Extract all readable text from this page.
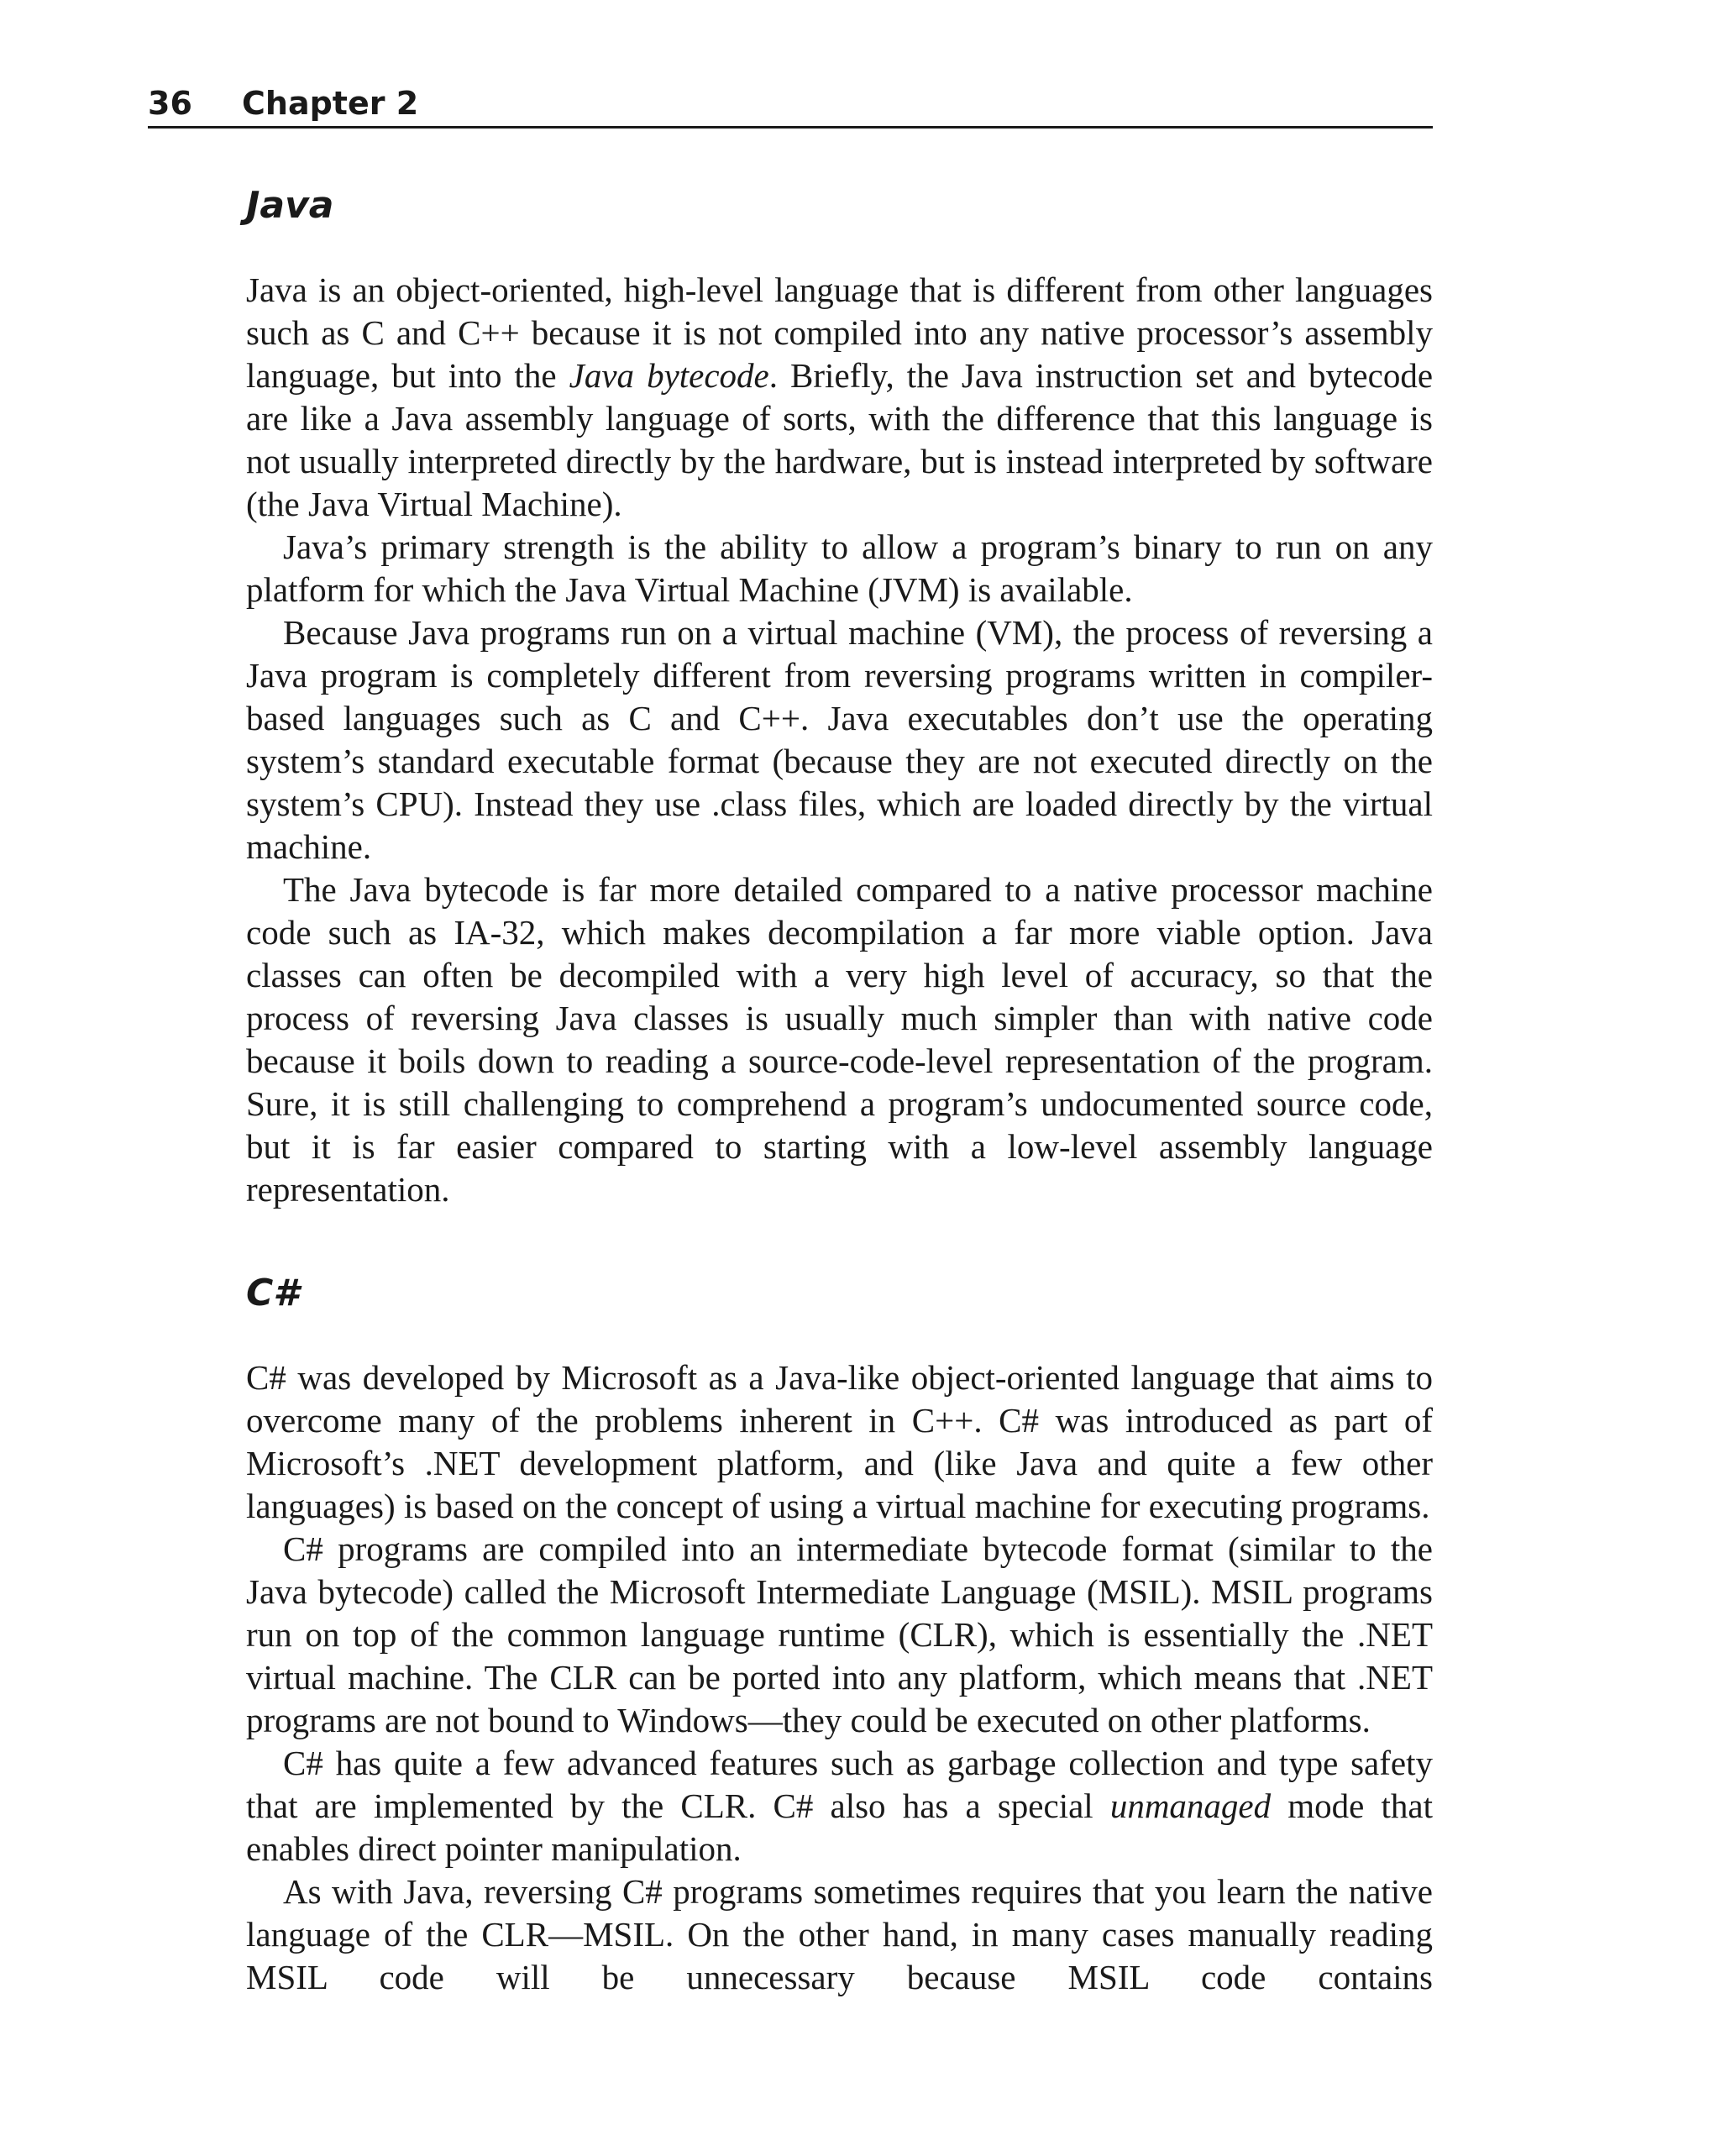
36 Chapter 2
Java

Java is an object-oriented, high-level language that is different from other languages such as C and C++ because it is not compiled into any native processor’s assembly language, but into the Java bytecode. Briefly, the Java instruction set and bytecode are like a Java assembly language of sorts, with the difference that this language is not usually interpreted directly by the hardware, but is instead interpreted by software (the Java Virtual Machine).

Java’s primary strength is the ability to allow a program’s binary to run on any platform for which the Java Virtual Machine (JVM) is available.

Because Java programs run on a virtual machine (VM), the process of reversing a Java program is completely different from reversing programs written in compiler-based languages such as C and C++. Java executables don’t use the operating system’s standard executable format (because they are not executed directly on the system’s CPU). Instead they use .class files, which are loaded directly by the virtual machine.

The Java bytecode is far more detailed compared to a native processor machine code such as IA-32, which makes decompilation a far more viable option. Java classes can often be decompiled with a very high level of accuracy, so that the process of reversing Java classes is usually much simpler than with native code because it boils down to reading a source-code-level representation of the program. Sure, it is still challenging to comprehend a program’s undocumented source code, but it is far easier compared to starting with a low-level assembly language representation.

C#

C# was developed by Microsoft as a Java-like object-oriented language that aims to overcome many of the problems inherent in C++. C# was introduced as part of Microsoft’s .NET development platform, and (like Java and quite a few other languages) is based on the concept of using a virtual machine for executing programs.

C# programs are compiled into an intermediate bytecode format (similar to the Java bytecode) called the Microsoft Intermediate Language (MSIL). MSIL programs run on top of the common language runtime (CLR), which is essentially the .NET virtual machine. The CLR can be ported into any platform, which means that .NET programs are not bound to Windows—they could be executed on other platforms.

C# has quite a few advanced features such as garbage collection and type safety that are implemented by the CLR. C# also has a special unmanaged mode that enables direct pointer manipulation.

As with Java, reversing C# programs sometimes requires that you learn the native language of the CLR—MSIL. On the other hand, in many cases manually reading MSIL code will be unnecessary because MSIL code contains
